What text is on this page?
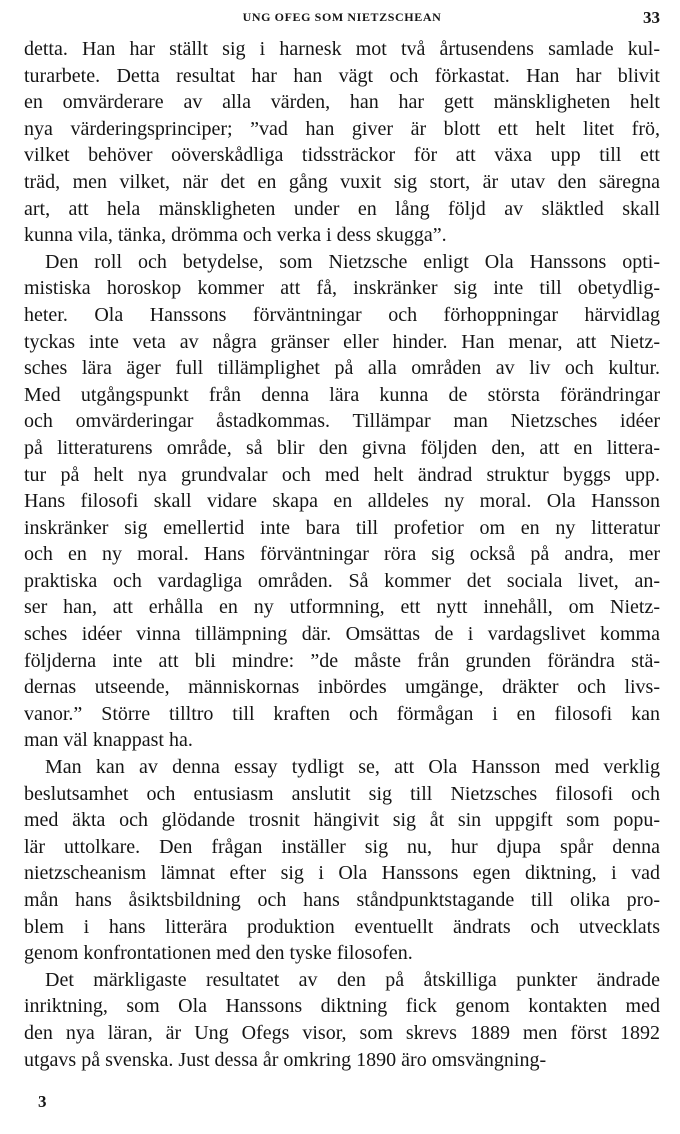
UNG OFEG SOM NIETZSCHEAN	33
detta. Han har ställt sig i harnesk mot två årtusendens samlade kul-
turarbete. Detta resultat har han vägt och förkastat. Han har blivit
en omvärderare av alla värden, han har gett mänskligheten helt
nya värderingsprinciper; ”vad han giver är blott ett helt litet frö,
vilket behöver oöverskådliga tidssträckor för att växa upp till ett
träd, men vilket, när det en gång vuxit sig stort, är utav den säregna
art, att hela mänskligheten under en lång följd av släktled skall
kunna vila, tänka, drömma och verka i dess skugga”.
Den roll och betydelse, som Nietzsche enligt Ola Hanssons opti-
mistiska horoskop kommer att få, inskränker sig inte till obetydlig-
heter. Ola Hanssons förväntningar och förhoppningar härvidlag
tyckas inte veta av några gränser eller hinder. Han menar, att Nietz-
sches lära äger full tillämplighet på alla områden av liv och kultur.
Med utgångspunkt från denna lära kunna de största förändringar
och omvärderingar åstadkommas. Tillämpar man Nietzsches idéer
på litteraturens område, så blir den givna följden den, att en littera-
tur på helt nya grundvalar och med helt ändrad struktur byggs upp.
Hans filosofi skall vidare skapa en alldeles ny moral. Ola Hansson
inskränker sig emellertid inte bara till profetior om en ny litteratur
och en ny moral. Hans förväntningar röra sig också på andra, mer
praktiska och vardagliga områden. Så kommer det sociala livet, an-
ser han, att erhålla en ny utformning, ett nytt innehåll, om Nietz-
sches idéer vinna tillämpning där. Omsättas de i vardagslivet komma
följderna inte att bli mindre: ”de måste från grunden förändra stä-
dernas utseende, människornas inbördes umgänge, dräkter och livs-
vanor.” Större tilltro till kraften och förmågan i en filosofi kan
man väl knappast ha.
Man kan av denna essay tydligt se, att Ola Hansson med verklig
beslutsamhet och entusiasm anslutit sig till Nietzsches filosofi och
med äkta och glödande trosnit hängivit sig åt sin uppgift som popu-
lär uttolkare. Den frågan inställer sig nu, hur djupa spår denna
nietzscheanism lämnat efter sig i Ola Hanssons egen diktning, i vad
mån hans åsiktsbildning och hans ståndpunktstagande till olika pro-
blem i hans litterära produktion eventuellt ändrats och utvecklats
genom konfrontationen med den tyske filosofen.
Det märkligaste resultatet av den på åtskilliga punkter ändrade
inriktning, som Ola Hanssons diktning fick genom kontakten med
den nya läran, är Ung Ofegs visor, som skrevs 1889 men först 1892
utgavs på svenska. Just dessa år omkring 1890 äro omsvängning-
3
